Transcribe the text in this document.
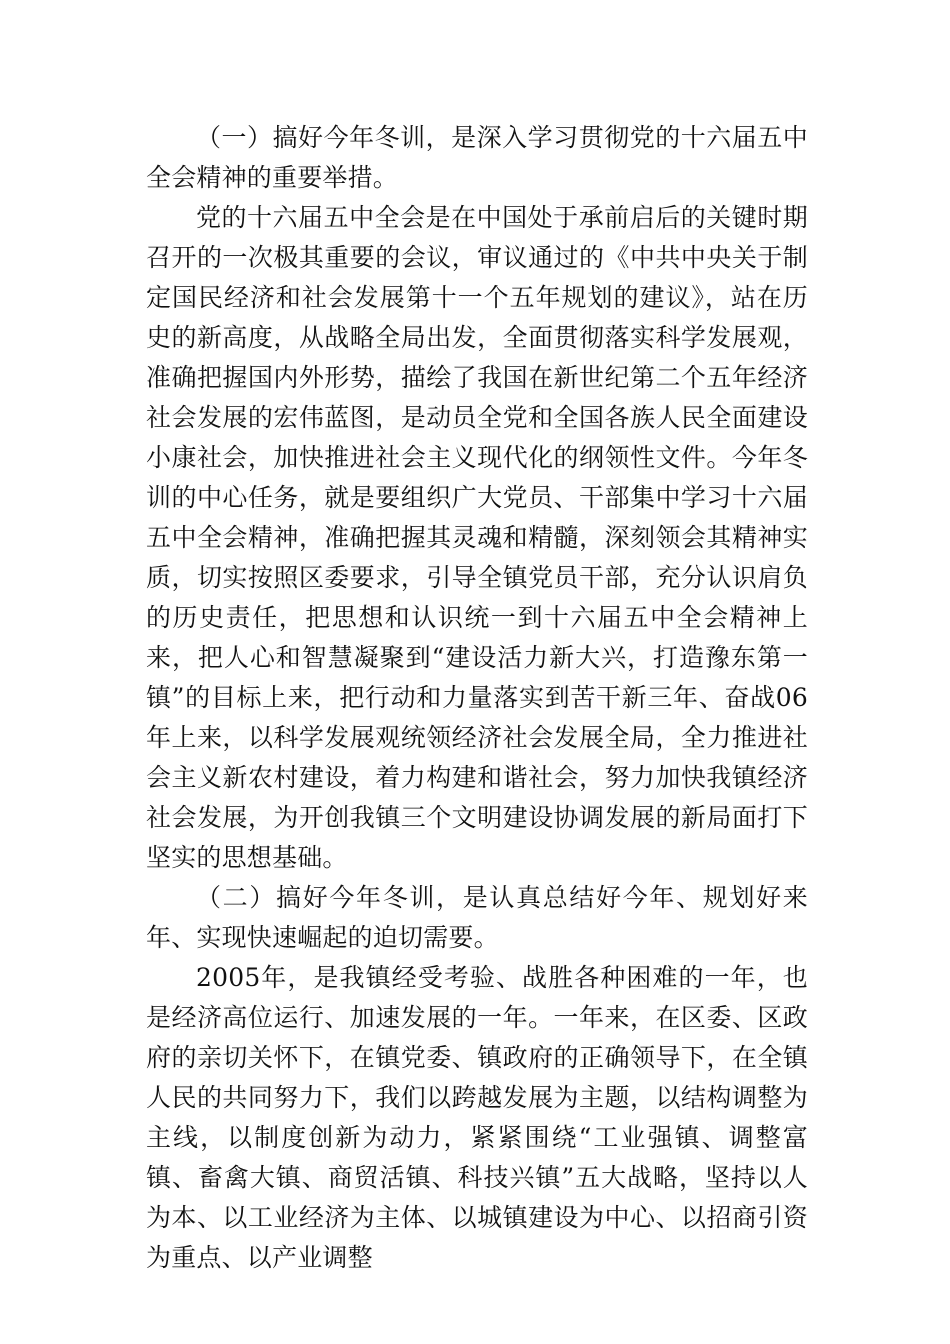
（一）搞好今年冬训，是深入学习贯彻党的十六届五中全会精神的重要举措。

党的十六届五中全会是在中国处于承前启后的关键时期召开的一次极其重要的会议，审议通过的《中共中央关于制定国民经济和社会发展第十一个五年规划的建议》，站在历史的新高度，从战略全局出发，全面贯彻落实科学发展观，准确把握国内外形势，描绘了我国在新世纪第二个五年经济社会发展的宏伟蓝图，是动员全党和全国各族人民全面建设小康社会，加快推进社会主义现代化的纲领性文件。今年冬训的中心任务，就是要组织广大党员、干部集中学习十六届五中全会精神，准确把握其灵魂和精髓，深刻领会其精神实质，切实按照区委要求，引导全镇党员干部，充分认识肩负的历史责任，把思想和认识统一到十六届五中全会精神上来，把人心和智慧凝聚到“建设活力新大兴，打造豫东第一镇”的目标上来，把行动和力量落实到苦干新三年、奋战06年上来，以科学发展观统领经济社会发展全局，全力推进社会主义新农村建设，着力构建和谐社会，努力加快我镇经济社会发展，为开创我镇三个文明建设协调发展的新局面打下坚实的思想基础。

（二）搞好今年冬训，是认真总结好今年、规划好来年、实现快速崛起的迫切需要。

2005年，是我镇经受考验、战胜各种困难的一年，也是经济高位运行、加速发展的一年。一年来，在区委、区政府的亲切关怀下，在镇党委、镇政府的正确领导下，在全镇人民的共同努力下，我们以跨越发展为主题，以结构调整为主线，以制度创新为动力，紧紧围绕“工业强镇、调整富镇、畜禽大镇、商贸活镇、科技兴镇”五大战略，坚持以人为本、以工业经济为主体、以城镇建设为中心、以招商引资为重点、以产业调整
